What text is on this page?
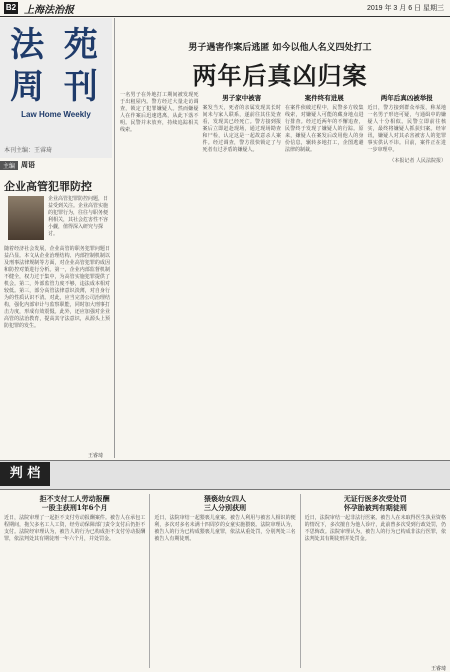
B2 上海法治报	2019 年 3 月 6 日 星期三
法 苑
周 刊
Law Home Weekly
本刊主编：王睿琦
主编 周语
企业高管犯罪防控
企业高管犯罪防控问题，日益受到关注。企业高管实施的犯罪行为，往往与职务便利相关，其社会危害性不容小觑，值得深入研究与探讨。
随着经济社会发展，企业高管的职务犯罪问题日益凸显。本文从企业治理结构、内部控制机制以及刑事法律规制等方面，对企业高管犯罪的成因和防控对策进行分析。第一，企业内部监督机制不健全，权力过于集中，为高管实施犯罪提供了机会。第二，外部监管力度不够，违法成本相对较低。第三，部分高管法律意识淡薄，对自身行为的性质认识不清。对此，应当完善公司治理结构，强化内部审计与监察职能，同时加大刑事打击力度，形成有效震慑。此外，还应加强对企业高管的法治教育，提高其守法意识，从源头上预防犯罪的发生。
王睿琦
男子遇害作案后逃匿 如今以他人名义四处打工
两年后真凶归案
一名男子在外地打工期间被发现死于出租屋内。警方经过大量走访调查，锁定了犯罪嫌疑人。然而嫌疑人在作案后迅速逃离，从此下落不明。民警并未放弃，持续追踪相关线索。
男子家中被害
案发当天，死者的亲属发现其长时间未与家人联系，遂前往其住处查看，发现其已经死亡。警方接到报案后立即赶赴现场，通过现场勘查和尸检，认定这是一起故意杀人案件。经过调查，警方很快锁定了与死者有过矛盾的嫌疑人。
案件终有进展
在案件侦破过程中，民警多方收集线索，对嫌疑人可能的藏身地点进行排查。经过近两年的不懈追查，民警终于发现了嫌疑人的行踪。原来，嫌疑人在案发后改用他人的身份信息，辗转多地打工，企图逃避法律的制裁。
两年后真凶被举报
近日，警方接到群众举报，称某地一名男子形迹可疑，与通缉中的嫌疑人十分相似。民警立即前往核实，最终将嫌疑人抓获归案。经审讯，嫌疑人对其杀害被害人的犯罪事实供认不讳。目前，案件正在进一步审理中。
（本报记者 人民法院报）
判 档
拒不支付工人劳动报酬
一股主获刑1年6个月
近日，法院审理了一起拒不支付劳动报酬案件。被告人在承包工程期间，拖欠多名工人工资，经劳动保障部门责令支付后仍拒不支付。法院经审理认为，被告人的行为已构成拒不支付劳动报酬罪，依法判处其有期徒刑一年六个月，并处罚金。
猥亵幼女四人
三人分别获刑
近日，法院审结一起猥亵儿童案。被告人利用与被害人相识的便利，多次对多名未满十四周岁的女童实施猥亵。法院审理认为，被告人的行为已构成猥亵儿童罪，依法从重处罚，分别判处三名被告人有期徒刑。
无证行医多次受处罚
怀孕胎被判有期徒刑
近日，法院审结一起非法行医案。被告人在未取得医生执业资格的情况下，多次擅自为他人诊疗，此前曾多次受到行政处罚，仍不思悔改。法院审理认为，被告人的行为已构成非法行医罪，依法判处其有期徒刑并处罚金。
王睿琦
